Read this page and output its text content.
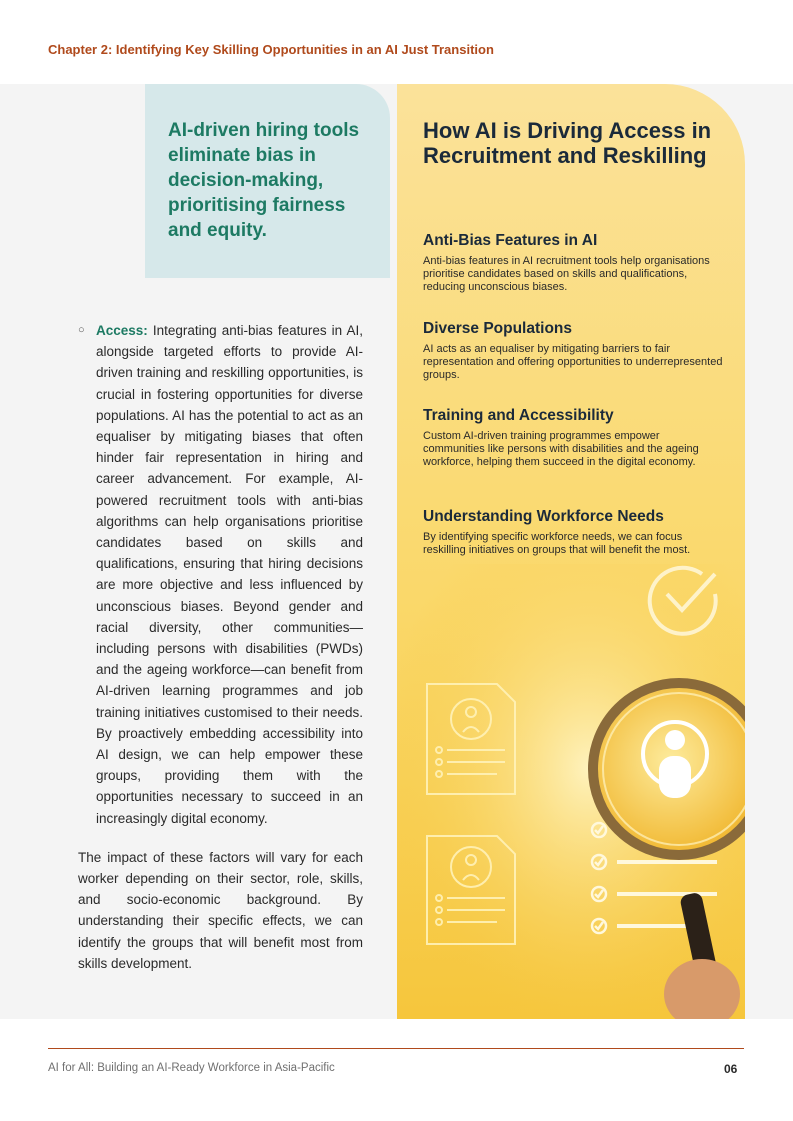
Chapter 2: Identifying Key Skilling Opportunities in an AI Just Transition

AI-driven hiring tools eliminate bias in decision-making, prioritising fairness and equity.

○ Access: Integrating anti-bias features in AI, alongside targeted efforts to provide AI-driven training and reskilling opportunities, is crucial in fostering opportunities for diverse populations. AI has the potential to act as an equaliser by mitigating biases that often hinder fair representation in hiring and career advancement. For example, AI-powered recruitment tools with anti-bias algorithms can help organisations prioritise candidates based on skills and qualifications, ensuring that hiring decisions are more objective and less influenced by unconscious biases. Beyond gender and racial diversity, other communities—including persons with disabilities (PWDs) and the ageing workforce—can benefit from AI-driven learning programmes and job training initiatives customised to their needs. By proactively embedding accessibility into AI design, we can help empower these groups, providing them with the opportunities necessary to succeed in an increasingly digital economy.

The impact of these factors will vary for each worker depending on their sector, role, skills, and socio-economic background. By understanding their specific effects, we can identify the groups that will benefit most from skills development.

How AI is Driving Access in Recruitment and Reskilling
Anti-Bias Features in AI

Anti-bias features in AI recruitment tools help organisations prioritise candidates based on skills and qualifications, reducing unconscious biases.

Diverse Populations

AI acts as an equaliser by mitigating barriers to fair representation and offering opportunities to underrepresented groups.

Training and Accessibility

Custom AI-driven training programmes empower communities like persons with disabilities and the ageing workforce, helping them succeed in the digital economy.

Understanding Workforce Needs

By identifying specific workforce needs, we can focus reskilling initiatives on groups that will benefit the most.

AI for All: Building an AI-Ready Workforce in Asia-Pacific	06
